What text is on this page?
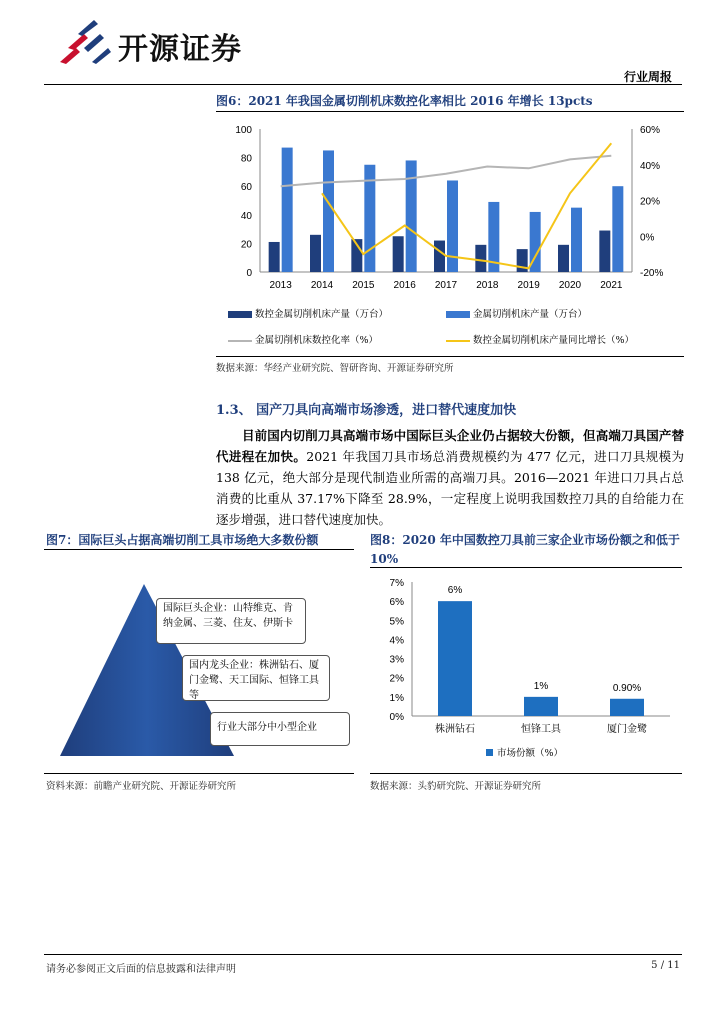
开源证券
行业周报
图6：2021 年我国金属切削机床数控化率相比 2016 年增长 13pcts
0
20
40
60
80
100
-20%
0%
20%
40%
60%
2013 2014 2015 2016 2017 2018 2019 2020 2021
数控金属切削机床产量（万台）	金属切削机床产量（万台）
金属切削机床数控化率（%）	数控金属切削机床产量同比增长（%）
数据来源：华经产业研究院、智研咨询、开源证券研究所
1.3、 国产刀具向高端市场渗透，进口替代速度加快
目前国内切削刀具高端市场中国际巨头企业仍占据较大份额，但高端刀具国产替代进程在加快。2021 年我国刀具市场总消费规模约为 477 亿元，进口刀具规模为 138 亿元，绝大部分是现代制造业所需的高端刀具。2016—2021 年进口刀具占总消费的比重从 37.17%下降至 28.9%，一定程度上说明我国数控刀具的自给能力在逐步增强，进口替代速度加快。
图7：国际巨头占据高端切削工具市场绝大多数份额
国际巨头企业：山特维克、肯纳金属、三菱、住友、伊斯卡
国内龙头企业：株洲钻石、厦门金鹭、天工国际、恒锋工具等
行业大部分中小型企业
资料来源：前瞻产业研究院、开源证券研究所
图8：2020 年中国数控刀具前三家企业市场份额之和低于 10%
0%
1%
2%
3%
4%
5%
6%
7%
6%
株洲钻石
1%
恒锋工具
0.90%
厦门金鹭
市场份额（%）
数据来源：头豹研究院、开源证券研究所
请务必参阅正文后面的信息披露和法律声明	5 / 11
